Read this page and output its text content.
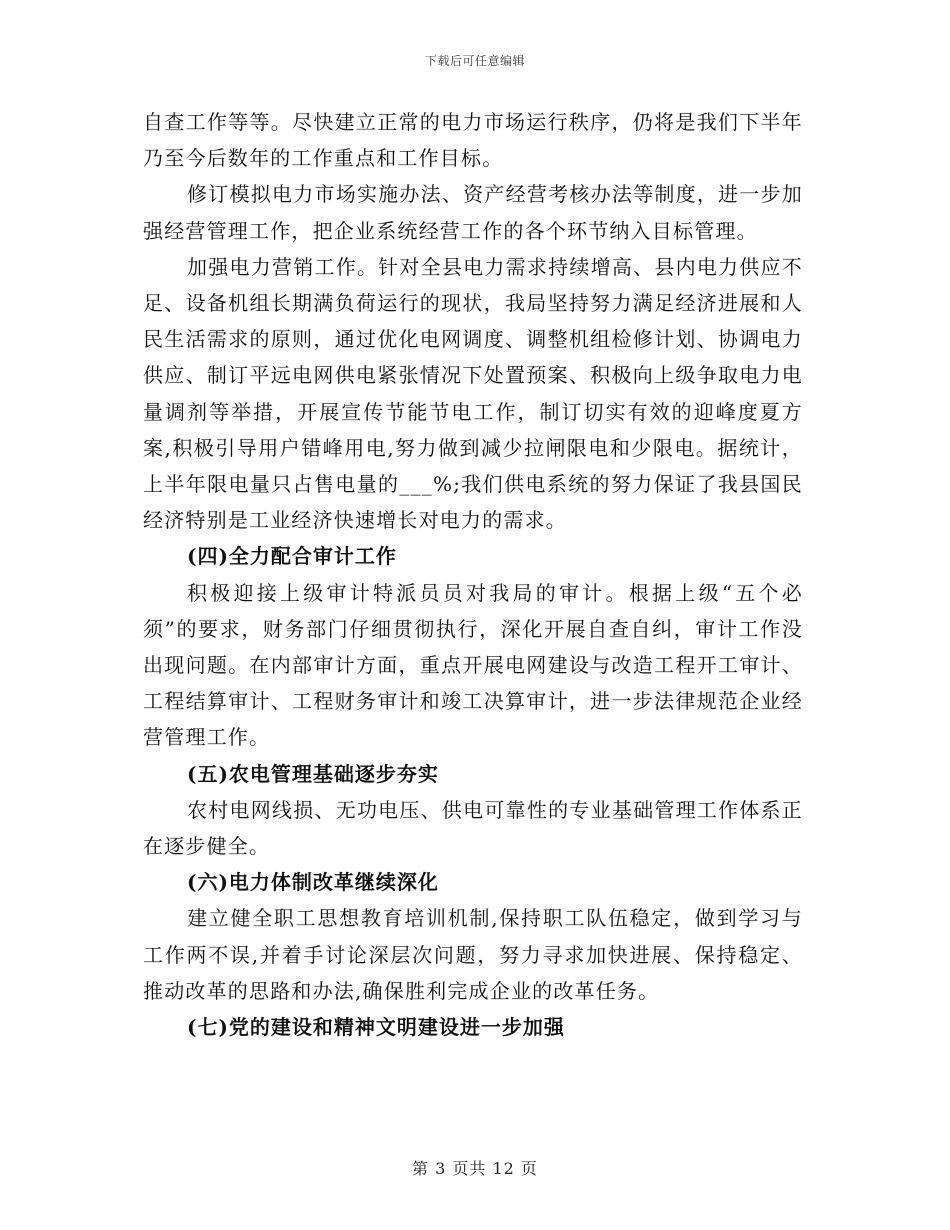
下载后可任意编辑

自查工作等等。尽快建立正常的电力市场运行秩序，仍将是我们下半年乃至今后数年的工作重点和工作目标。

修订模拟电力市场实施办法、资产经营考核办法等制度，进一步加强经营管理工作，把企业系统经营工作的各个环节纳入目标管理。

加强电力营销工作。针对全县电力需求持续增高、县内电力供应不足、设备机组长期满负荷运行的现状，我局坚持努力满足经济进展和人民生活需求的原则，通过优化电网调度、调整机组检修计划、协调电力供应、制订平远电网供电紧张情况下处置预案、积极向上级争取电力电量调剂等举措，开展宣传节能节电工作，制订切实有效的迎峰度夏方案,积极引导用户错峰用电,努力做到减少拉闸限电和少限电。据统计，上半年限电量只占售电量的___%;我们供电系统的努力保证了我县国民经济特别是工业经济快速增长对电力的需求。

(四)全力配合审计工作

积极迎接上级审计特派员员对我局的审计。根据上级“五个必须”的要求，财务部门仔细贯彻执行，深化开展自查自纠，审计工作没出现问题。在内部审计方面，重点开展电网建设与改造工程开工审计、工程结算审计、工程财务审计和竣工决算审计，进一步法律规范企业经营管理工作。

(五)农电管理基础逐步夯实

农村电网线损、无功电压、供电可靠性的专业基础管理工作体系正在逐步健全。

(六)电力体制改革继续深化

建立健全职工思想教育培训机制,保持职工队伍稳定，做到学习与工作两不误,并着手讨论深层次问题，努力寻求加快进展、保持稳定、推动改革的思路和办法,确保胜利完成企业的改革任务。

(七)党的建设和精神文明建设进一步加强

第 3 页共 12 页
